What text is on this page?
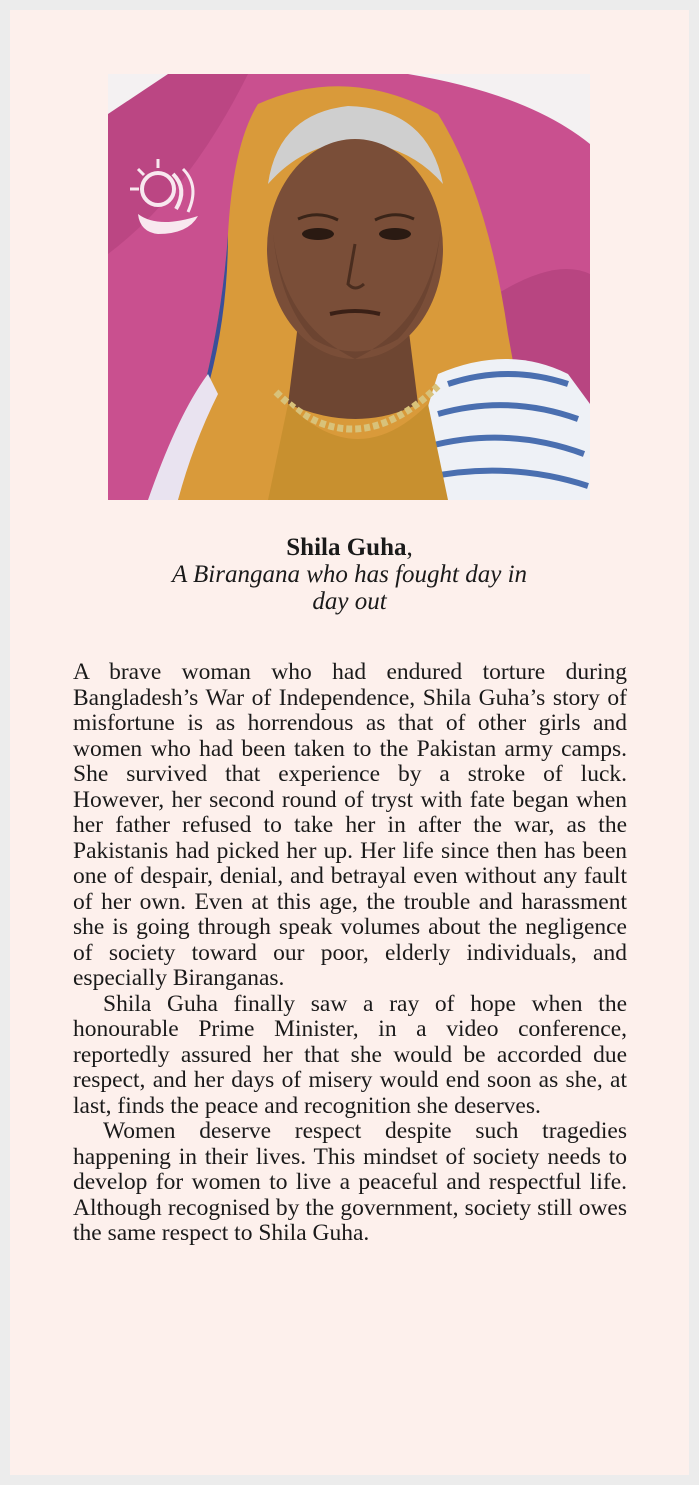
Shila Guha,
A Birangana who has fought day in day out

A brave woman who had endured torture during Bangladesh’s War of Independence, Shila Guha’s story of misfortune is as horrendous as that of other girls and women who had been taken to the Pakistan army camps. She survived that experience by a stroke of luck. However, her second round of tryst with fate began when her father refused to take her in after the war, as the Pakistanis had picked her up. Her life since then has been one of despair, denial, and betrayal even without any fault of her own. Even at this age, the trouble and harassment she is going through speak volumes about the negligence of society toward our poor, elderly individuals, and especially Biranganas.

Shila Guha finally saw a ray of hope when the honourable Prime Minister, in a video conference, reportedly assured her that she would be accorded due respect, and her days of misery would end soon as she, at last, finds the peace and recognition she deserves.

Women deserve respect despite such tragedies happening in their lives. This mindset of society needs to develop for women to live a peaceful and respectful life. Although recognised by the government, society still owes the same respect to Shila Guha.
